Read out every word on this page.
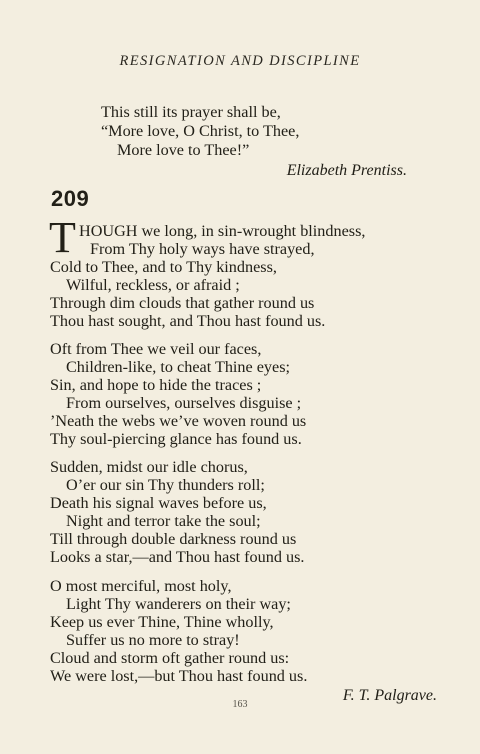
RESIGNATION AND DISCIPLINE
This still its prayer shall be,
“More love, O Christ, to Thee,
More love to Thee!”
Elizabeth Prentiss.
209
T HOUGH we long, in sin-wrought blindness,
From Thy holy ways have strayed,
Cold to Thee, and to Thy kindness,
Wilful, reckless, or afraid ;
Through dim clouds that gather round us
Thou hast sought, and Thou hast found us.
Oft from Thee we veil our faces,
Children-like, to cheat Thine eyes;
Sin, and hope to hide the traces ;
From ourselves, ourselves disguise ;
’Neath the webs we’ve woven round us
Thy soul-piercing glance has found us.
Sudden, midst our idle chorus,
O’er our sin Thy thunders roll;
Death his signal waves before us,
Night and terror take the soul;
Till through double darkness round us
Looks a star,—and Thou hast found us.
O most merciful, most holy,
Light Thy wanderers on their way;
Keep us ever Thine, Thine wholly,
Suffer us no more to stray!
Cloud and storm oft gather round us:
We were lost,—but Thou hast found us.
F. T. Palgrave.
163
